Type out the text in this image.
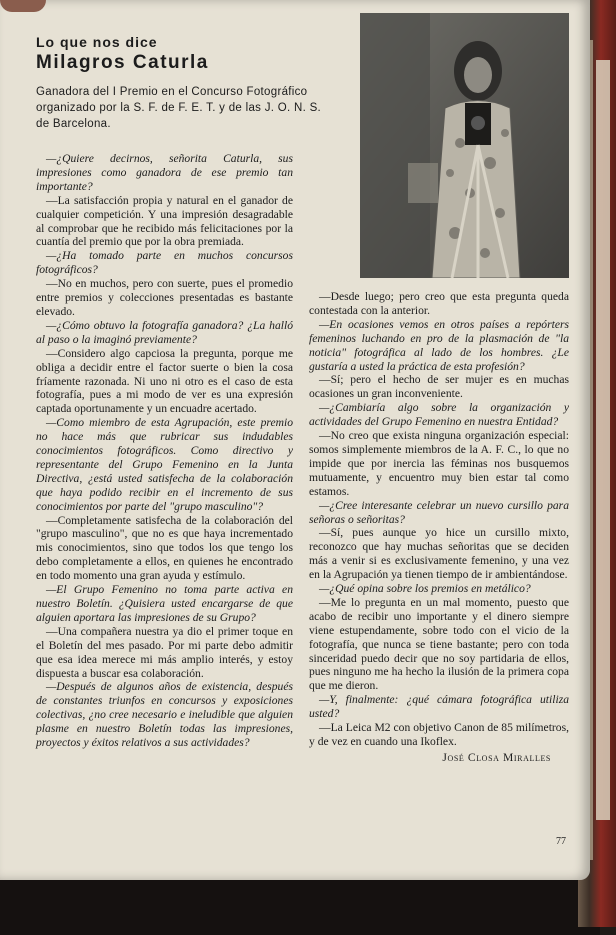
Lo que nos dice

Milagros Caturla

Ganadora del I Premio en el Concurso Fotográfico organizado por la S. F. de F. E. T. y de las J. O. N. S. de Barcelona.

—¿Quiere decirnos, señorita Caturla, sus impresiones como ganadora de ese premio tan importante?

—La satisfacción propia y natural en el ganador de cualquier competición. Y una impresión desagradable al comprobar que he recibido más felicitaciones por la cuantía del premio que por la obra premiada.

—¿Ha tomado parte en muchos concursos fotográficos?

—No en muchos, pero con suerte, pues el promedio entre premios y colecciones presentadas es bastante elevado.

—¿Cómo obtuvo la fotografía ganadora? ¿La halló al paso o la imaginó previamente?

—Considero algo capciosa la pregunta, porque me obliga a decidir entre el factor suerte o bien la cosa fríamente razonada. Ni uno ni otro es el caso de esta fotografía, pues a mi modo de ver es una expresión captada oportunamente y un encuadre acertado.

—Como miembro de esta Agrupación, este premio no hace más que rubricar sus indudables conocimientos fotográficos. Como directivo y representante del Grupo Femenino en la Junta Directiva, ¿está usted satisfecha de la colaboración que haya podido recibir en el incremento de sus conocimientos por parte del "grupo masculino"?

—Completamente satisfecha de la colaboración del "grupo masculino", que no es que haya incrementado mis conocimientos, sino que todos los que tengo los debo completamente a ellos, en quienes he encontrado en todo momento una gran ayuda y estímulo.

—El Grupo Femenino no toma parte activa en nuestro Boletín. ¿Quisiera usted encargarse de que alguien aportara las impresiones de su Grupo?

—Una compañera nuestra ya dio el primer toque en el Boletín del mes pasado. Por mi parte debo admitir que esa idea merece mi más amplio interés, y estoy dispuesta a buscar esa colaboración.

—Después de algunos años de existencia, después de constantes triunfos en concursos y exposiciones colectivas, ¿no cree necesario e ineludible que alguien plasme en nuestro Boletín todas las impresiones, proyectos y éxitos relativos a sus actividades?

—Desde luego; pero creo que esta pregunta queda contestada con la anterior.

—En ocasiones vemos en otros países a repórters femeninos luchando en pro de la plasmación de "la noticia" fotográfica al lado de los hombres. ¿Le gustaría a usted la práctica de esta profesión?

—Sí; pero el hecho de ser mujer es en muchas ocasiones un gran inconveniente.

—¿Cambiaría algo sobre la organización y actividades del Grupo Femenino en nuestra Entidad?

—No creo que exista ninguna organización especial: somos simplemente miembros de la A. F. C., lo que no impide que por inercia las féminas nos busquemos mutuamente, y encuentro muy bien estar tal como estamos.

—¿Cree interesante celebrar un nuevo cursillo para señoras o señoritas?

—Sí, pues aunque yo hice un cursillo mixto, reconozco que hay muchas señoritas que se deciden más a venir si es exclusivamente femenino, y una vez en la Agrupación ya tienen tiempo de ir ambientándose.

—¿Qué opina sobre los premios en metálico?

—Me lo pregunta en un mal momento, puesto que acabo de recibir uno importante y el dinero siempre viene estupendamente, sobre todo con el vicio de la fotografía, que nunca se tiene bastante; pero con toda sinceridad puedo decir que no soy partidaria de ellos, pues ninguno me ha hecho la ilusión de la primera copa que me dieron.

—Y, finalmente: ¿qué cámara fotográfica utiliza usted?

—La Leica M2 con objetivo Canon de 85 milímetros, y de vez en cuando una Ikoflex.

José Closa Miralles
77
